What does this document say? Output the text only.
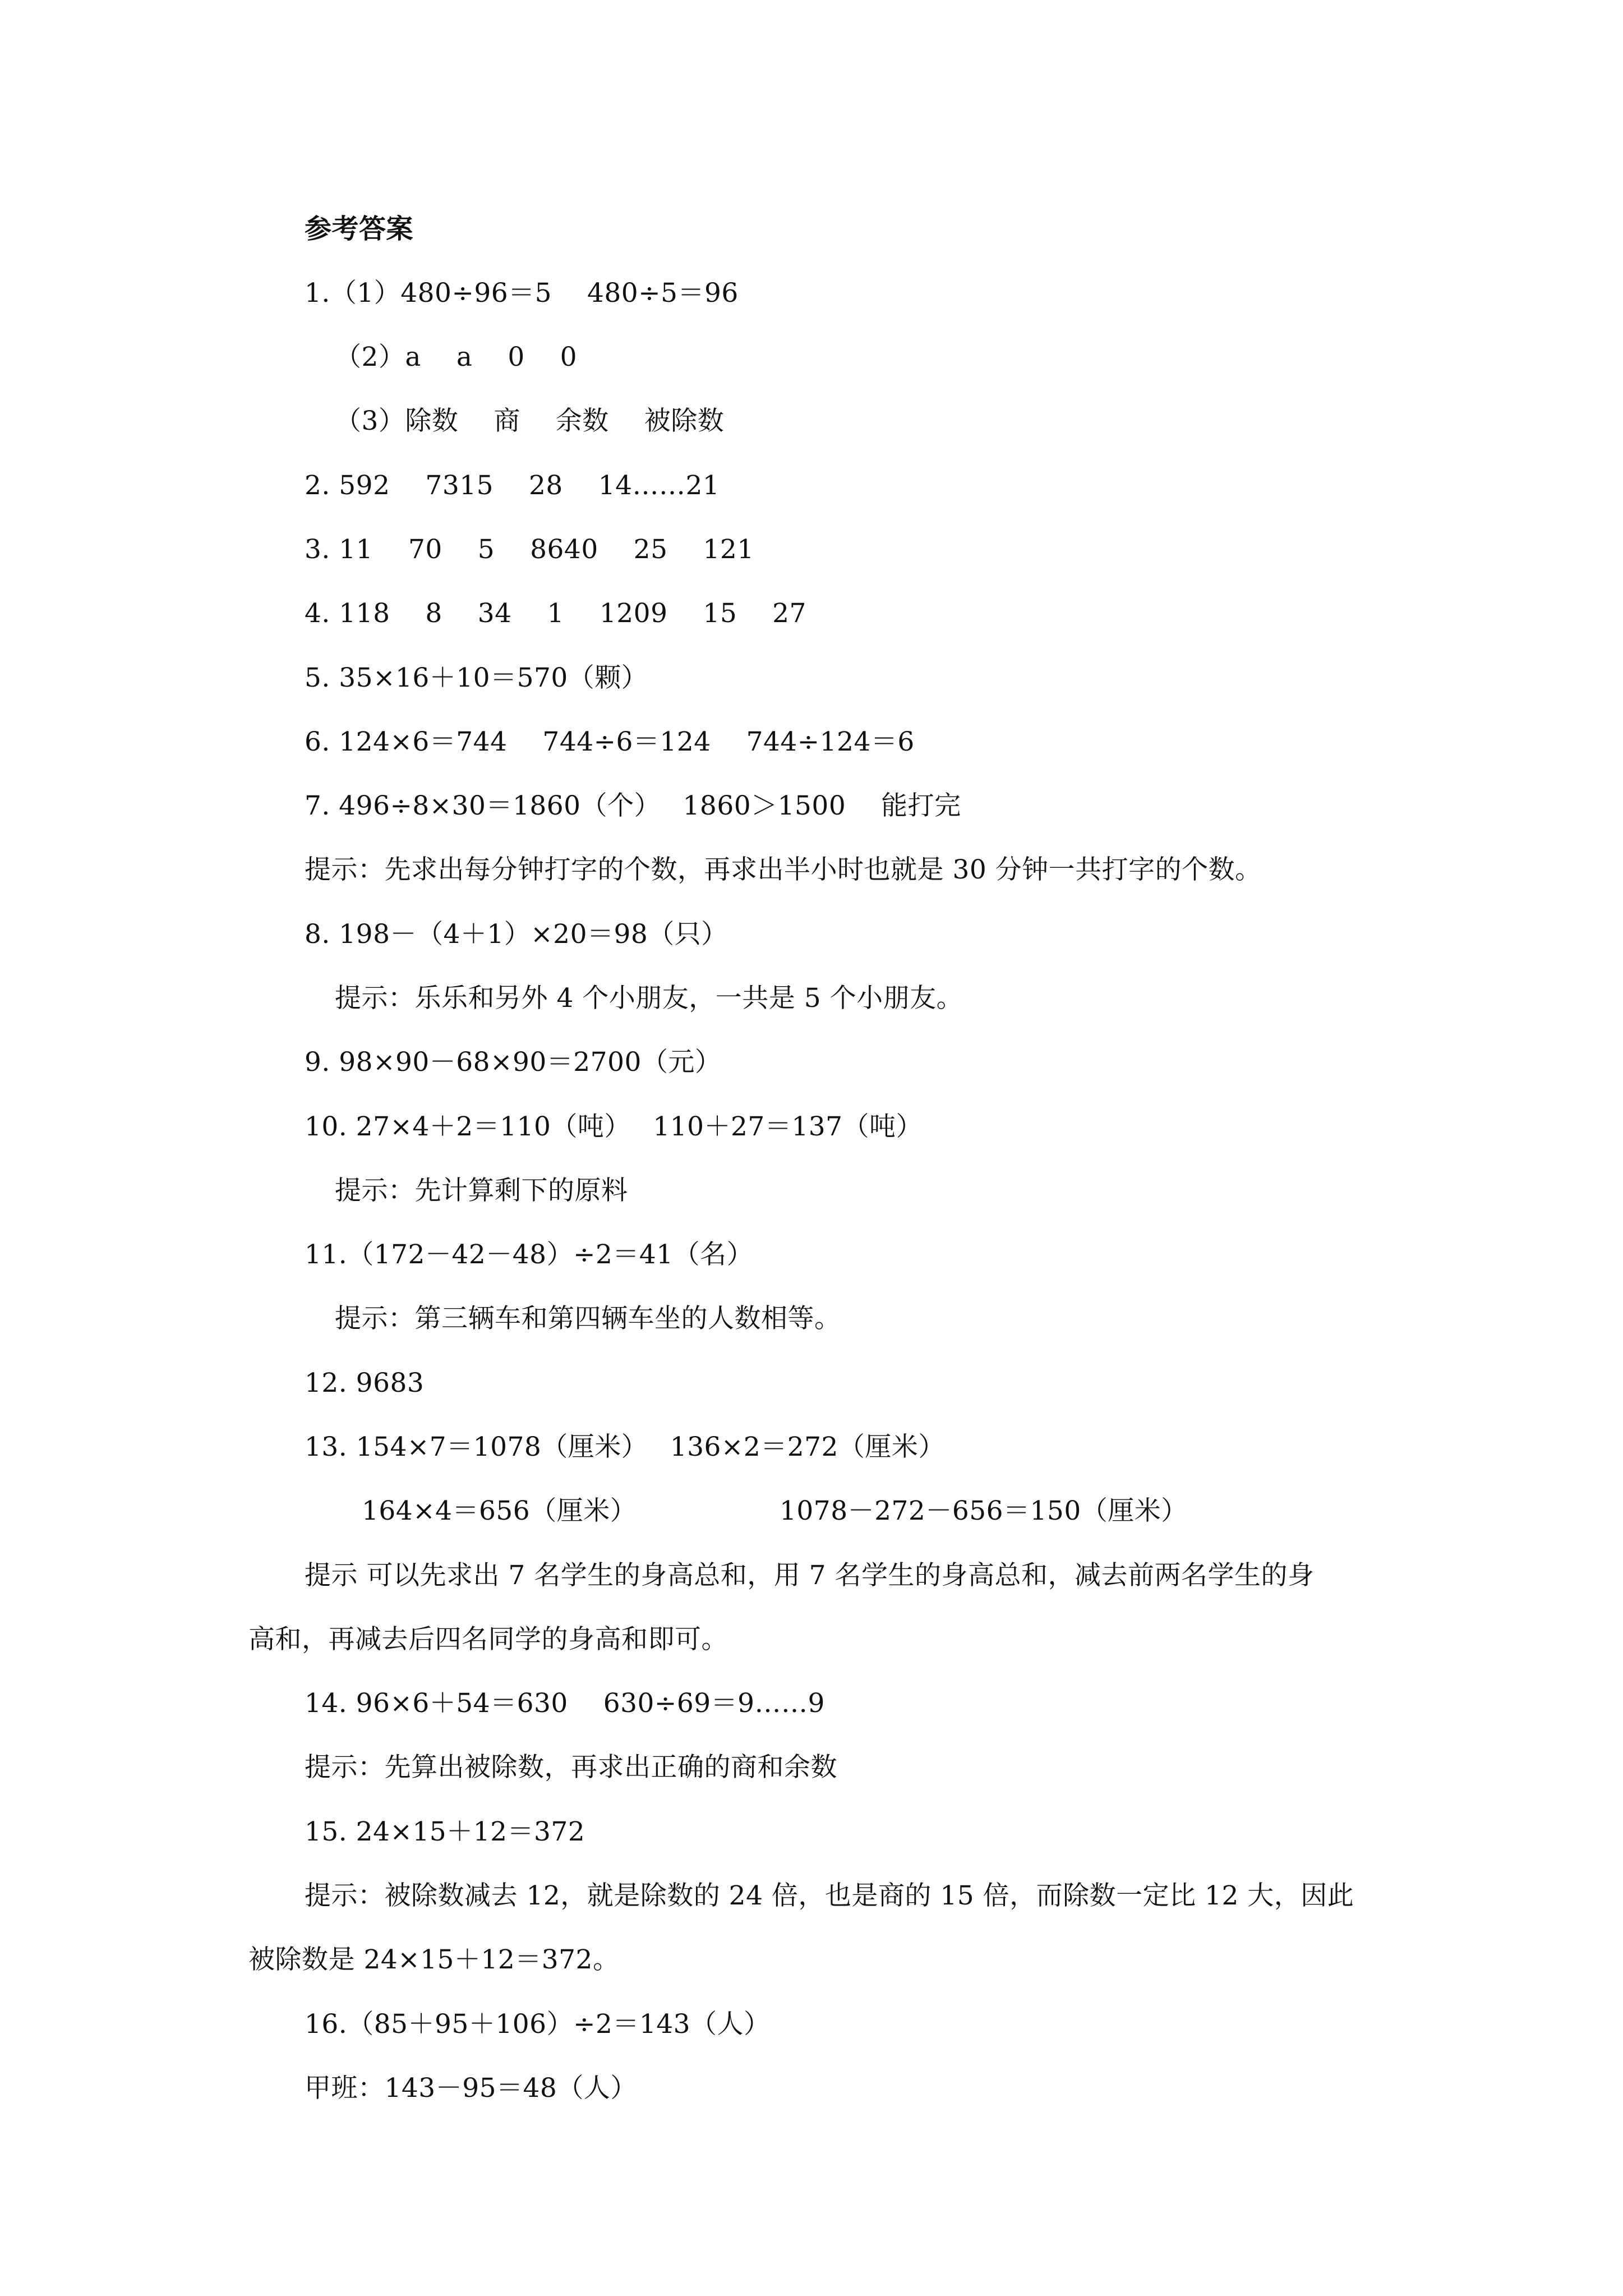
参考答案
1.（1）480÷96＝5　 480÷5＝96
（2）a　 a　 0　 0
（3）除数　 商　 余数　 被除数
2. 592　 7315　 28　 14……21
3. 11　 70　 5　 8640　 25　 121
4. 118　 8　 34　 1　 1209　 15　 27
5. 35×16＋10＝570（颗）
6. 124×6＝744　 744÷6＝124　 744÷124＝6
7. 496÷8×30＝1860（个）　 1860＞1500　 能打完
提示：先求出每分钟打字的个数，再求出半小时也就是 30 分钟一共打字的个数。
8. 198－（4＋1）×20＝98（只）
提示：乐乐和另外 4 个小朋友，一共是 5 个小朋友。
9. 98×90－68×90＝2700（元）
10. 27×4＋2＝110（吨）　 110＋27＝137（吨）
提示：先计算剩下的原料
11.（172－42－48）÷2＝41（名）
提示：第三辆车和第四辆车坐的人数相等。
12. 9683
13. 154×7＝1078（厘米）　 136×2＝272（厘米）
164×4＝656（厘米）	1078－272－656＝150（厘米）
提示 可以先求出 7 名学生的身高总和，用 7 名学生的身高总和，减去前两名学生的身
高和，再减去后四名同学的身高和即可。
14. 96×6＋54＝630　 630÷69＝9……9
提示：先算出被除数，再求出正确的商和余数
15. 24×15＋12＝372
提示：被除数减去 12，就是除数的 24 倍，也是商的 15 倍，而除数一定比 12 大，因此
被除数是 24×15＋12＝372。
16.（85＋95＋106）÷2＝143（人）
甲班：143－95＝48（人）
